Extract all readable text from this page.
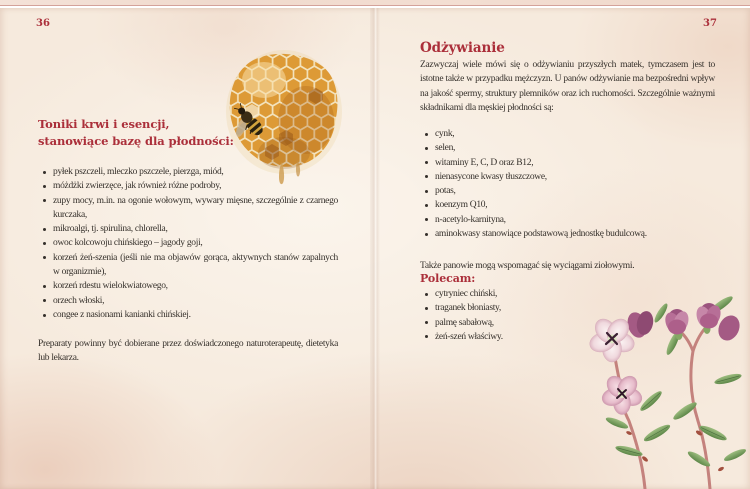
36
Toniki krwi i esencji,
stanowiące bazę dla płodności:
pyłek pszczeli, mleczko pszczele, pierzga, miód,
móżdżki zwierzęce, jak również różne podroby,
zupy mocy, m.in. na ogonie wołowym, wywary mięsne, szczególnie z czarnego kurczaka,
mikroalgi, tj. spirulina, chlorella,
owoc kolcowoju chińskiego – jagody goji,
korzeń żeń-szenia (jeśli nie ma objawów gorąca, aktywnych stanów zapalnych w organizmie),
korzeń rdestu wielokwiatowego,
orzech włoski,
congee z nasionami kanianki chińskiej.
Preparaty powinny być dobierane przez doświadczonego naturoterapeutę, dietetyka lub lekarza.
37
Odżywianie
Zazwyczaj wiele mówi się o odżywianiu przyszłych matek, tymczasem jest to istotne także w przypadku mężczyzn. U panów odżywianie ma bezpośredni wpływ na jakość spermy, struktury plemników oraz ich ruchomości. Szczególnie ważnymi składnikami dla męskiej płodności są:
cynk,
selen,
witaminy E, C, D oraz B12,
nienasycone kwasy tłuszczowe,
potas,
koenzym Q10,
n-acetylo-karnityna,
aminokwasy stanowiące podstawową jednostkę budulcową.
Także panowie mogą wspomagać się wyciągami ziołowymi.
Polecam:
cytryniec chiński,
traganek błoniasty,
palmę sabałową,
żeń-szeń właściwy.
